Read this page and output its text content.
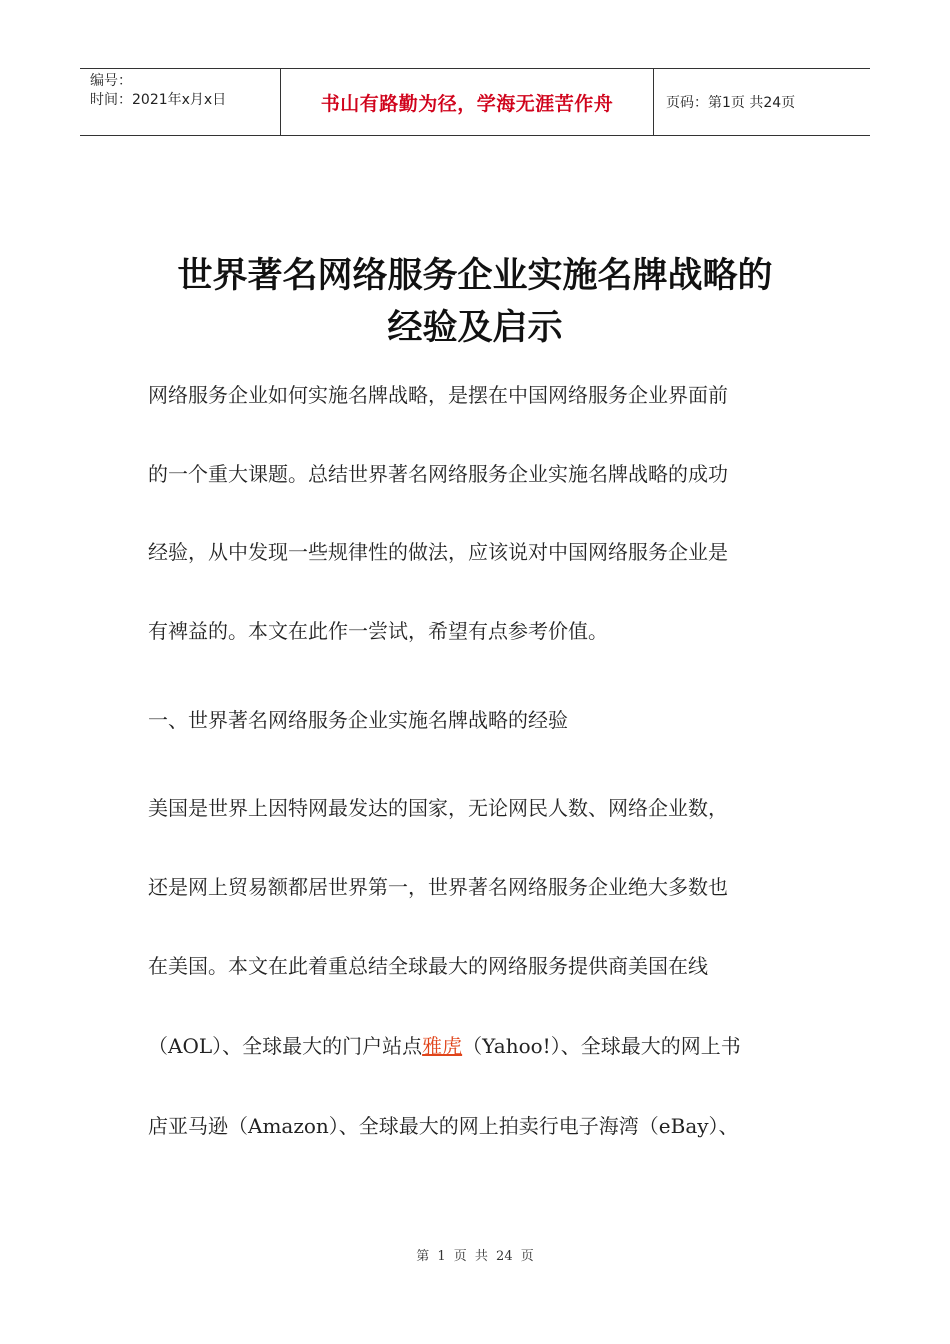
编号：
时间：2021年x月x日	书山有路勤为径，学海无涯苦作舟	页码：第1页 共24页
世界著名网络服务企业实施名牌战略的
经验及启示

网络服务企业如何实施名牌战略，是摆在中国网络服务企业界面前

的一个重大课题。总结世界著名网络服务企业实施名牌战略的成功

经验，从中发现一些规律性的做法，应该说对中国网络服务企业是

有裨益的。本文在此作一尝试，希望有点参考价值。

一、世界著名网络服务企业实施名牌战略的经验

美国是世界上因特网最发达的国家，无论网民人数、网络企业数，

还是网上贸易额都居世界第一，世界著名网络服务企业绝大多数也

在美国。本文在此着重总结全球最大的网络服务提供商美国在线

（AOL）、全球最大的门户站点雅虎（Yahoo!）、全球最大的网上书

店亚马逊（Amazon）、全球最大的网上拍卖行电子海湾（eBay）、

第 1 页 共 24 页
